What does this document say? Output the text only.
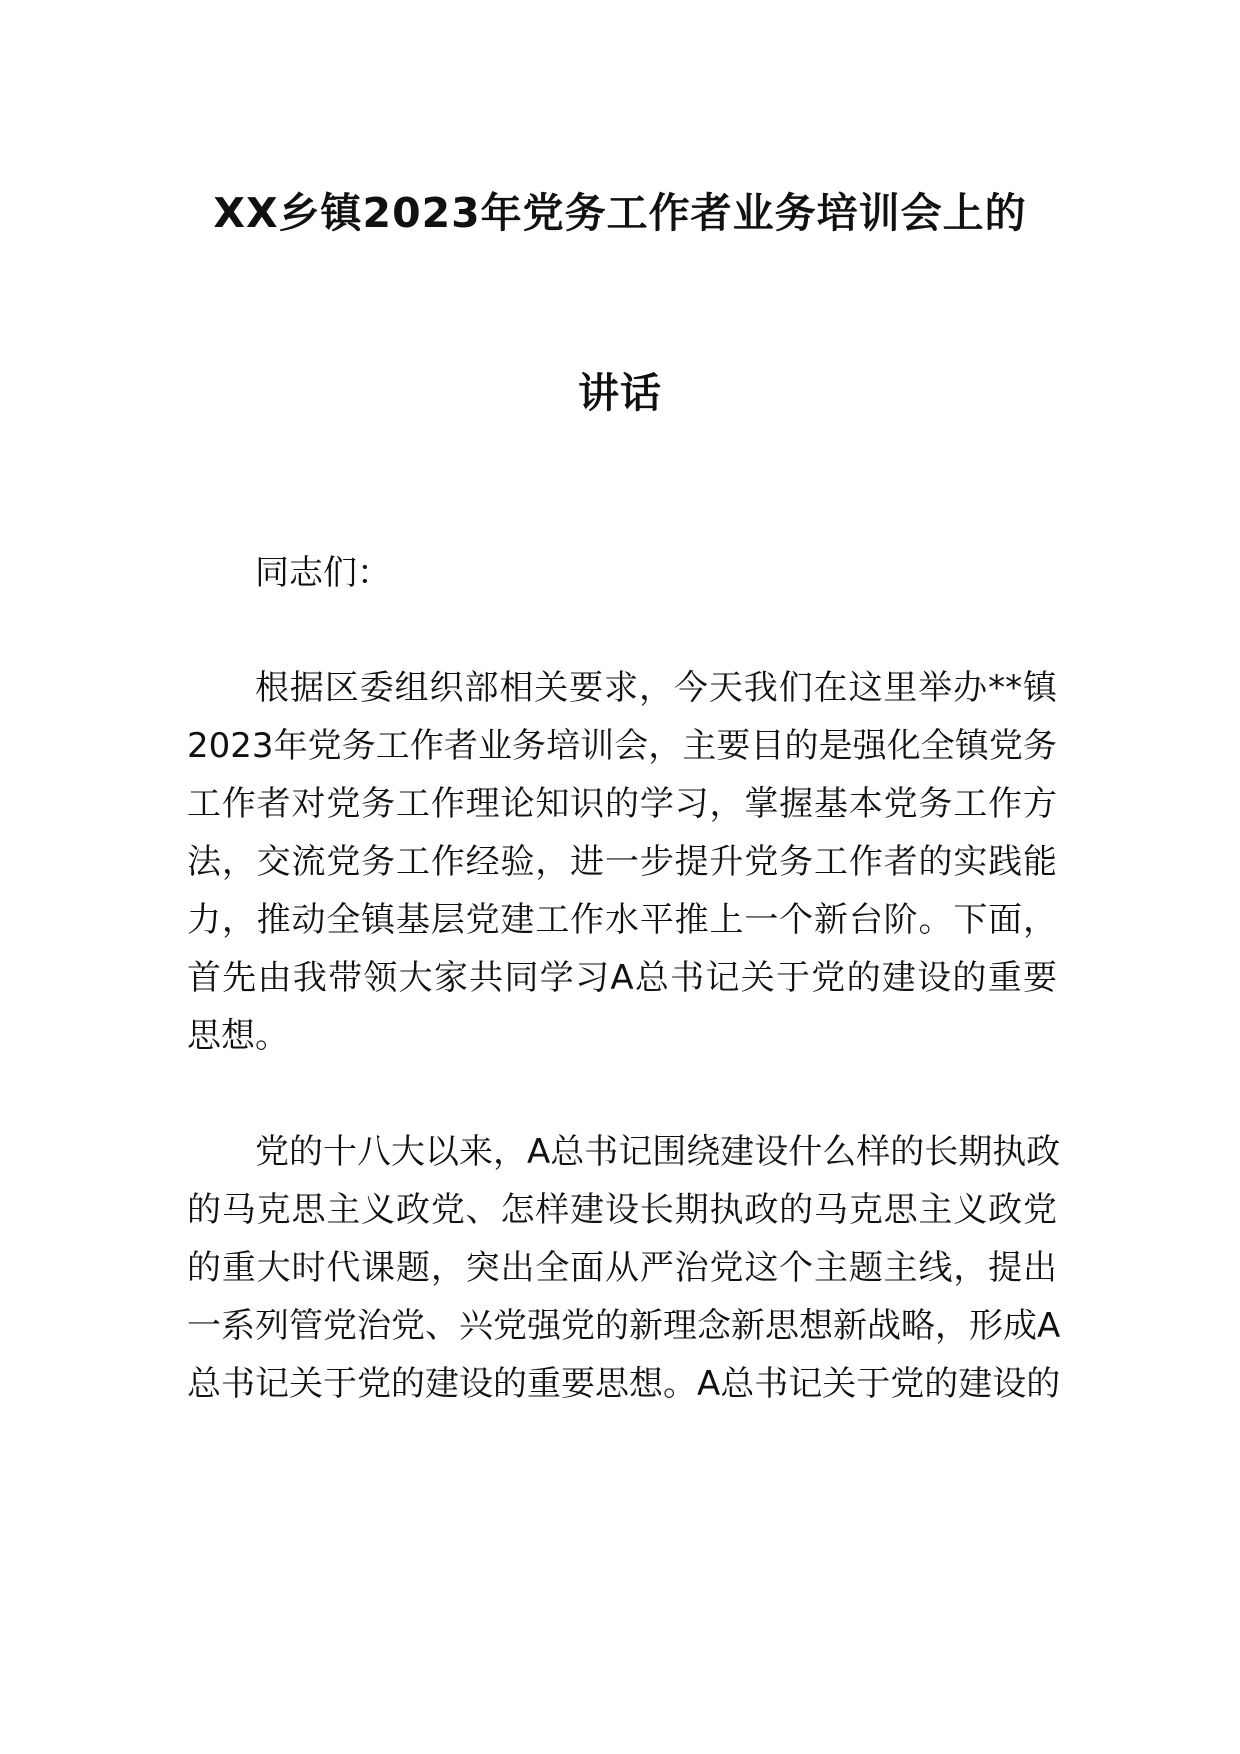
XX乡镇2023年党务工作者业务培训会上的
讲话
同志们：
根据区委组织部相关要求，今天我们在这里举办**镇
2023年党务工作者业务培训会，主要目的是强化全镇党务
工作者对党务工作理论知识的学习，掌握基本党务工作方
法，交流党务工作经验，进一步提升党务工作者的实践能
力，推动全镇基层党建工作水平推上一个新台阶。下面，
首先由我带领大家共同学习A总书记关于党的建设的重要
思想。
党的十八大以来，A总书记围绕建设什么样的长期执政
的马克思主义政党、怎样建设长期执政的马克思主义政党
的重大时代课题，突出全面从严治党这个主题主线，提出
一系列管党治党、兴党强党的新理念新思想新战略，形成A
总书记关于党的建设的重要思想。A总书记关于党的建设的
